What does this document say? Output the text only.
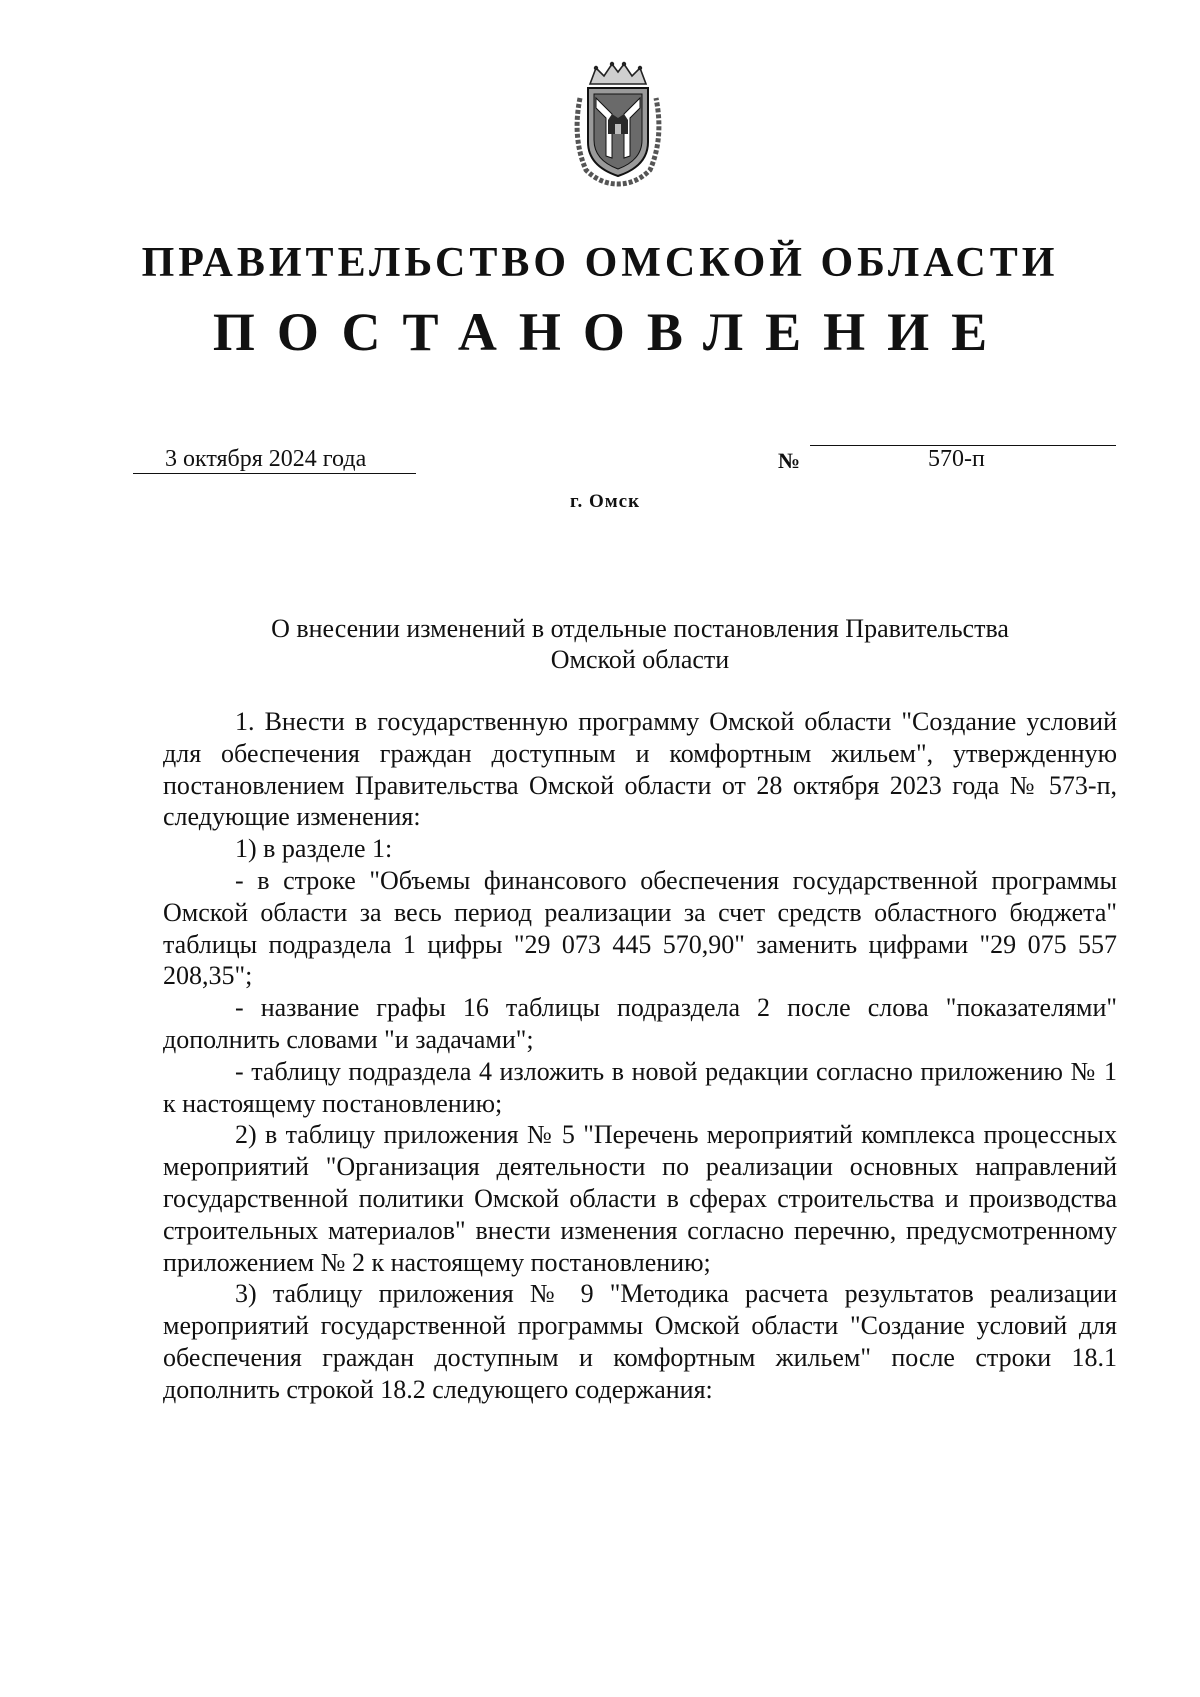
ПРАВИТЕЛЬСТВО ОМСКОЙ ОБЛАСТИ
ПОСТАНОВЛЕНИЕ
3 октября 2024 года	№	570-п
г. Омск
О внесении изменений в отдельные постановления Правительства
Омской области

1. Внести в государственную программу Омской области "Создание условий для обеспечения граждан доступным и комфортным жильем", утвержденную постановлением Правительства Омской области от 28 октября 2023 года № 573-п, следующие изменения:

1) в разделе 1:

- в строке "Объемы финансового обеспечения государственной программы Омской области за весь период реализации за счет средств областного бюджета" таблицы подраздела 1 цифры "29 073 445 570,90" заменить цифрами "29 075 557 208,35";

- название графы 16 таблицы подраздела 2 после слова "показателями" дополнить словами "и задачами";

- таблицу подраздела 4 изложить в новой редакции согласно приложению № 1 к настоящему постановлению;

2) в таблицу приложения № 5 "Перечень мероприятий комплекса процессных мероприятий "Организация деятельности по реализации основных направлений государственной политики Омской области в сферах строительства и производства строительных материалов" внести изменения согласно перечню, предусмотренному приложением № 2 к настоящему постановлению;

3) таблицу приложения № 9 "Методика расчета результатов реализации мероприятий государственной программы Омской области "Создание условий для обеспечения граждан доступным и комфортным жильем" после строки 18.1 дополнить строкой 18.2 следующего содержания:
